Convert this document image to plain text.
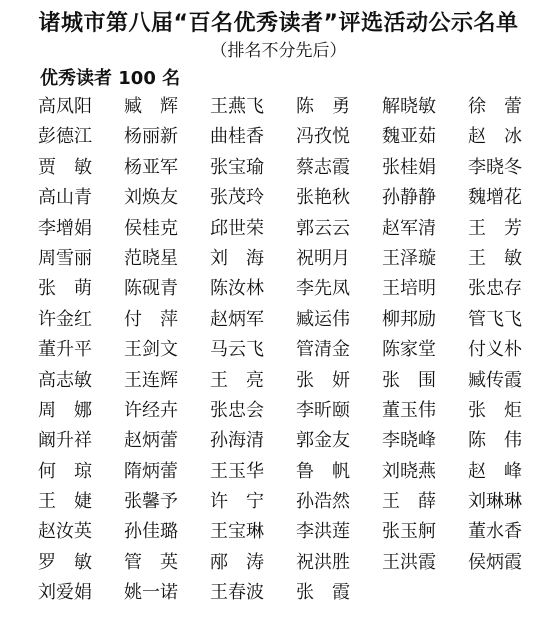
诸城市第八届“百名优秀读者”评选活动公示名单
（排名不分先后）
优秀读者 100 名
高凤阳	臧　辉	王燕飞	陈　勇	解晓敏	徐　蕾
彭德江	杨丽新	曲桂香	冯孜悦	魏亚茹	赵　冰
贾　敏	杨亚军	张宝瑜	蔡志霞	张桂娟	李晓冬
高山青	刘焕友	张茂玲	张艳秋	孙静静	魏增花
李增娟	侯桂克	邱世荣	郭云云	赵军清	王　芳
周雪丽	范晓星	刘　海	祝明月	王泽璇	王　敏
张　萌	陈砚青	陈汝林	李先凤	王培明	张忠存
许金红	付　萍	赵炳军	臧运伟	柳邦励	管飞飞
董升平	王剑文	马云飞	管清金	陈家堂	付义朴
高志敏	王连辉	王　亮	张　妍	张　围	臧传霞
周　娜	许经卉	张忠会	李昕颐	董玉伟	张　炬
阚升祥	赵炳蕾	孙海清	郭金友	李晓峰	陈　伟
何　琼	隋炳蕾	王玉华	鲁　帆	刘晓燕	赵　峰
王　婕	张馨予	许　宁	孙浩然	王　薛	刘琳琳
赵汝英	孙佳璐	王宝琳	李洪莲	张玉舸	董水香
罗　敏	管　英	邴　涛	祝洪胜	王洪霞	侯炳霞
刘爱娟	姚一诺	王春波	张　霞
